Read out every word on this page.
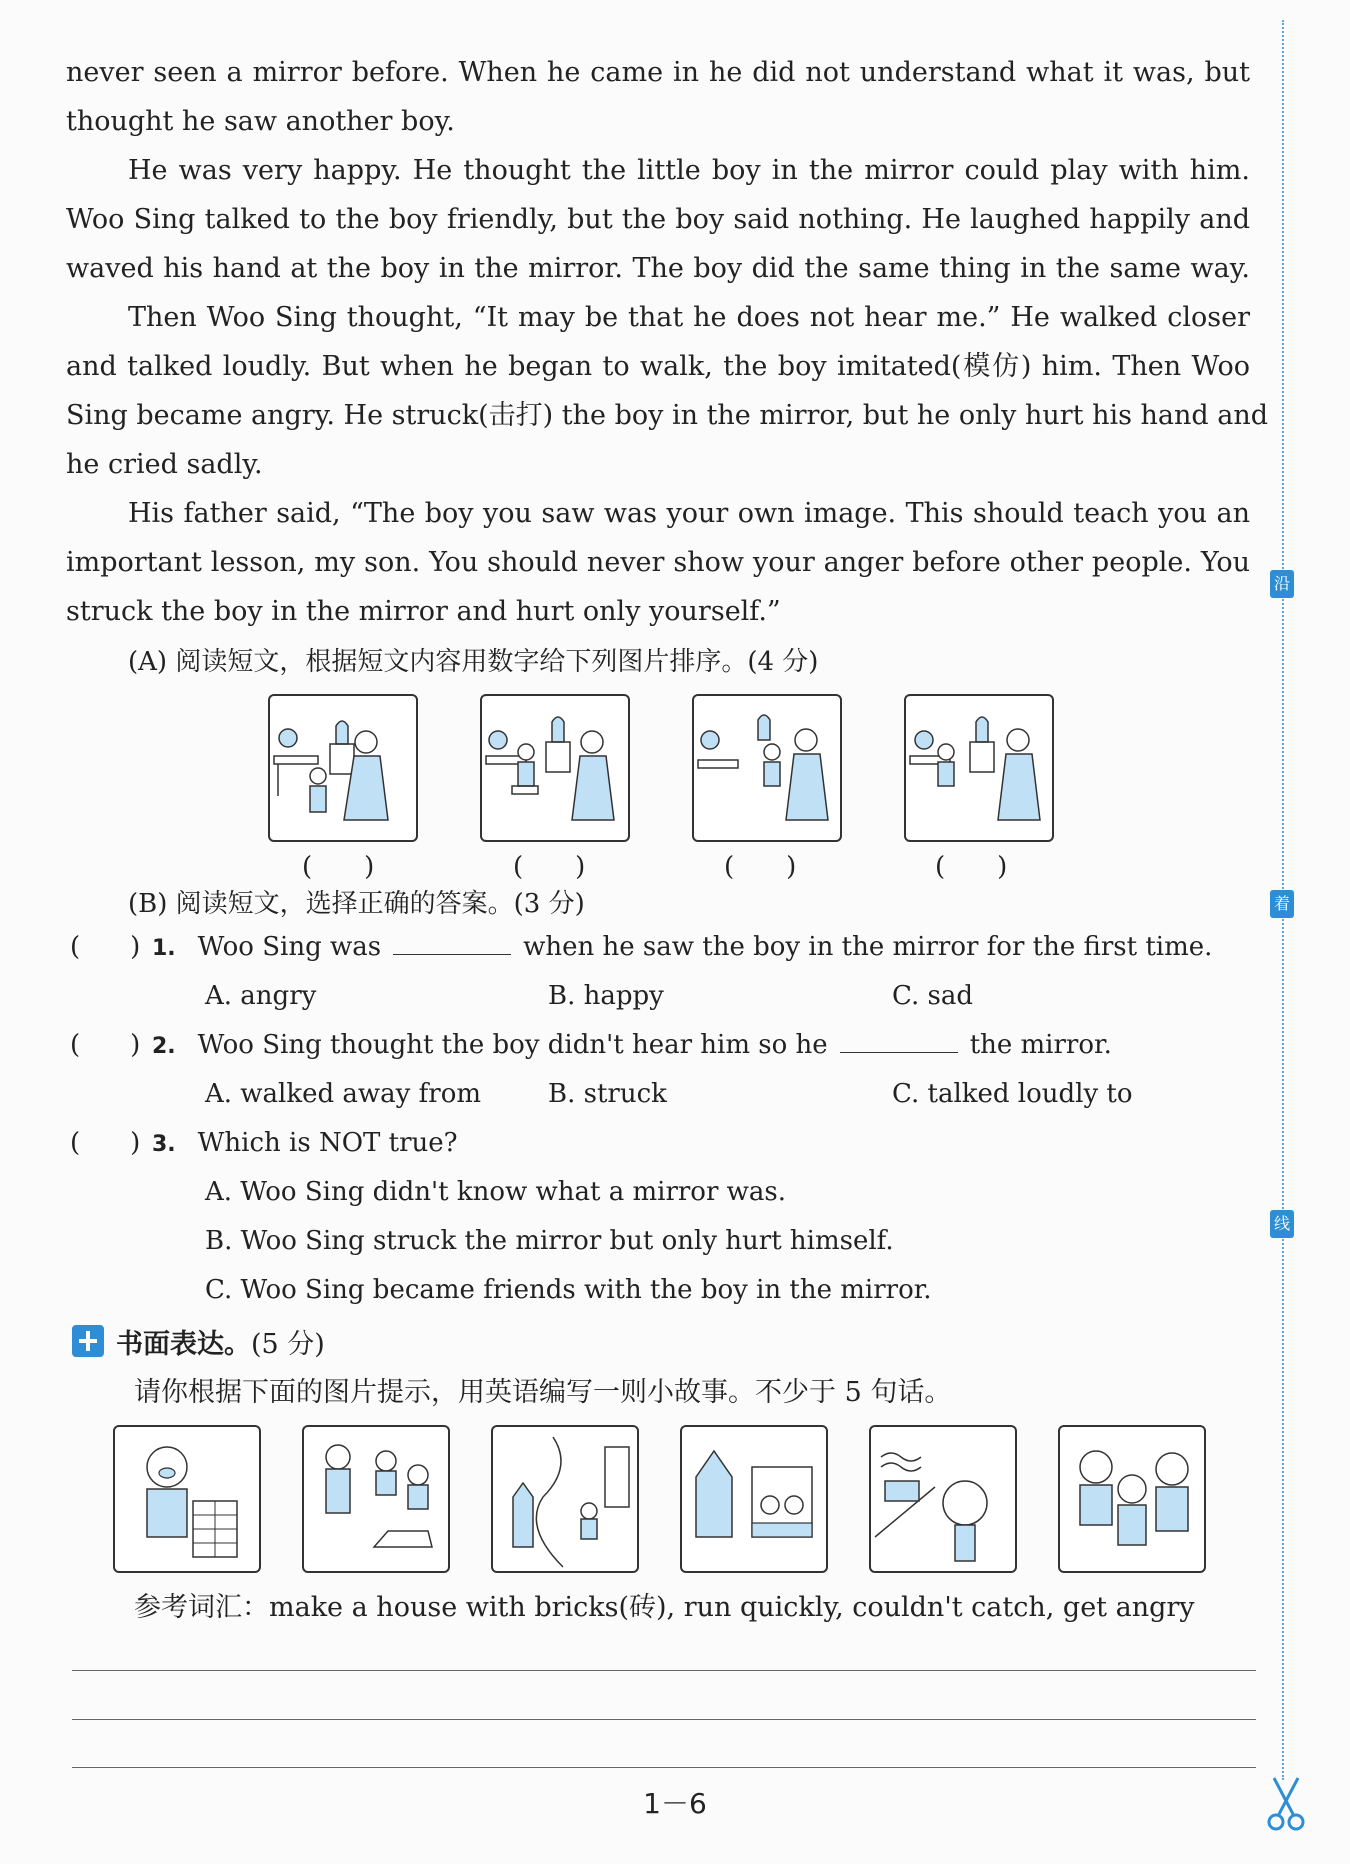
never seen a mirror before. When he came in he did not understand what it was, but
thought he saw another boy.
He was very happy. He thought the little boy in the mirror could play with him.
Woo Sing talked to the boy friendly, but the boy said nothing. He laughed happily and
waved his hand at the boy in the mirror. The boy did the same thing in the same way.
Then Woo Sing thought, “It may be that he does not hear me.” He walked closer
and talked loudly. But when he began to walk, the boy imitated(模仿) him. Then Woo
Sing became angry. He struck(击打) the boy in the mirror, but he only hurt his hand and
he cried sadly.
His father said, “The boy you saw was your own image. This should teach you an
important lesson, my son. You should never show your anger before other people. You
struck the boy in the mirror and hurt only yourself.”
(A) 阅读短文，根据短文内容用数字给下列图片排序。(4 分)
(　　)	(　　)	(　　)	(　　)
(B) 阅读短文，选择正确的答案。(3 分)
( ) 1. Woo Sing was	when he saw the boy in the mirror for the first time.
A. angry	B. happy	C. sad
( ) 2. Woo Sing thought the boy didn't hear him so he	the mirror.
A. walked away from	B. struck	C. talked loudly to
( ) 3. Which is NOT true?
A. Woo Sing didn't know what a mirror was.
B. Woo Sing struck the mirror but only hurt himself.
C. Woo Sing became friends with the boy in the mirror.
书面表达。(5 分)
请你根据下面的图片提示，用英语编写一则小故事。不少于 5 句话。
参考词汇：make a house with bricks(砖), run quickly, couldn't catch, get angry
1－6
沿
着
线
